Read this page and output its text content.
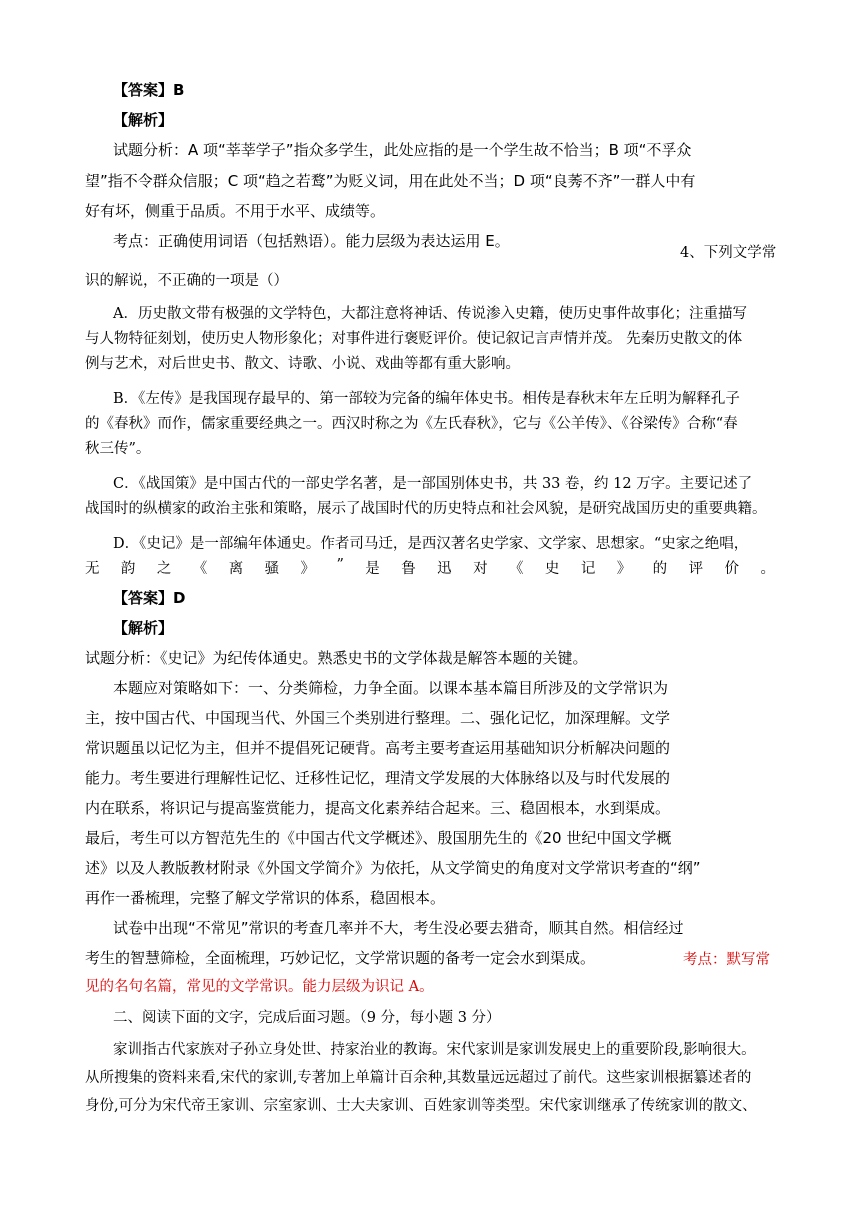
【答案】B
【解析】
试题分析：A 项“莘莘学子”指众多学生，此处应指的是一个学生故不恰当；B 项“不孚众
望”指不令群众信服；C 项“趋之若鹜”为贬义词，用在此处不当；D 项“良莠不齐”一群人中有
好有坏，侧重于品质。不用于水平、成绩等。
考点：正确使用词语（包括熟语）。能力层级为表达运用 E。
4、下列文学常
识的解说，不正确的一项是（）
A．历史散文带有极强的文学特色，大都注意将神话、传说渗入史籍，使历史事件故事化；注重描写
与人物特征刻划，使历史人物形象化；对事件进行褒贬评价。使记叙记言声情并茂。 先秦历史散文的体
例与艺术，对后世史书、散文、诗歌、小说、戏曲等都有重大影响。
B．《左传》是我国现存最早的、第一部较为完备的编年体史书。相传是春秋末年左丘明为解释孔子
的《春秋》而作，儒家重要经典之一。西汉时称之为《左氏春秋》，它与《公羊传》、《谷梁传》合称“春
秋三传”。
C．《战国策》是中国古代的一部史学名著，是一部国别体史书，共 33 卷，约 12 万字。主要记述了
战国时的纵横家的政治主张和策略，展示了战国时代的历史特点和社会风貌，是研究战国历史的重要典籍。
D．《史记》是一部编年体通史。作者司马迁，是西汉著名史学家、文学家、思想家。“史家之绝唱，
无 韵 之 《 离 骚 》 ” 是 鲁 迅 对 《 史 记 》 的 评 价 。
【答案】D
【解析】
试题分析：《史记》为纪传体通史。熟悉史书的文学体裁是解答本题的关键。
本题应对策略如下：一、分类筛检，力争全面。以课本基本篇目所涉及的文学常识为
主，按中国古代、中国现当代、外国三个类别进行整理。二、强化记忆，加深理解。文学
常识题虽以记忆为主，但并不提倡死记硬背。高考主要考查运用基础知识分析解决问题的
能力。考生要进行理解性记忆、迁移性记忆，理清文学发展的大体脉络以及与时代发展的
内在联系，将识记与提高鉴赏能力，提高文化素养结合起来。三、稳固根本，水到渠成。
最后，考生可以方智范先生的《中国古代文学概述》、殷国朋先生的《20 世纪中国文学概
述》以及人教版教材附录《外国文学简介》为依托，从文学简史的角度对文学常识考查的“纲”
再作一番梳理，完整了解文学常识的体系，稳固根本。
试卷中出现“不常见”常识的考查几率并不大，考生没必要去猎奇，顺其自然。相信经过
考生的智慧筛检，全面梳理，巧妙记忆，文学常识题的备考一定会水到渠成。	考点：默写常
见的名句名篇，常见的文学常识。能力层级为识记 A。
二、阅读下面的文字，完成后面习题。（9 分，每小题 3 分）
家训指古代家族对子孙立身处世、持家治业的教诲。宋代家训是家训发展史上的重要阶段,影响很大。
从所搜集的资料来看,宋代的家训,专著加上单篇计百余种,其数量远远超过了前代。这些家训根据纂述者的
身份,可分为宋代帝王家训、宗室家训、士大夫家训、百姓家训等类型。宋代家训继承了传统家训的散文、
